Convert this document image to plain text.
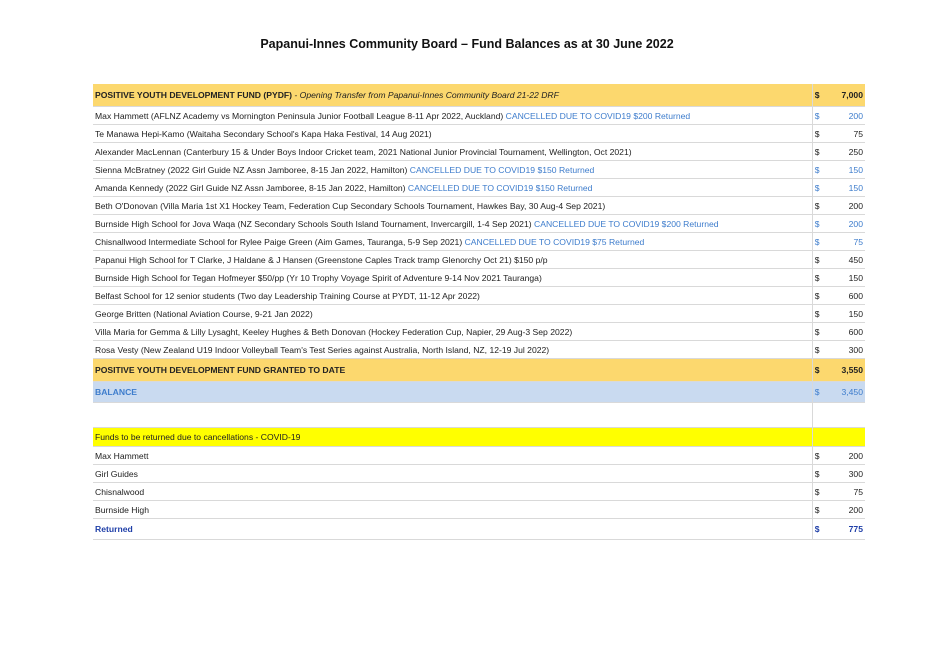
Papanui-Innes Community Board – Fund Balances as at 30 June 2022
POSITIVE YOUTH DEVELOPMENT FUND (PYDF) - Opening Transfer from Papanui-Innes Community Board 21-22 DRF	$	7,000
Max Hammett (AFLNZ Academy vs Mornington Peninsula Junior Football League 8-11 Apr 2022, Auckland) CANCELLED DUE TO COVID19 $200 Returned	$	200
Te Manawa Hepi-Kamo (Waitaha Secondary School's Kapa Haka Festival, 14 Aug 2021)	$	75
Alexander MacLennan (Canterbury 15 & Under Boys Indoor Cricket team, 2021 National Junior Provincial Tournament, Wellington, Oct 2021)	$	250
Sienna McBratney (2022 Girl Guide NZ Assn Jamboree, 8-15 Jan 2022, Hamilton) CANCELLED DUE TO COVID19 $150 Returned	$	150
Amanda Kennedy (2022 Girl Guide NZ Assn Jamboree, 8-15 Jan 2022, Hamilton) CANCELLED DUE TO COVID19 $150 Returned	$	150
Beth O'Donovan (Villa Maria 1st X1 Hockey Team, Federation Cup Secondary Schools Tournament, Hawkes Bay, 30 Aug-4 Sep 2021)	$	200
Burnside High School for Jova Waqa (NZ Secondary Schools South Island Tournament, Invercargill, 1-4 Sep 2021) CANCELLED DUE TO COVID19 $200 Returned	$	200
Chisnallwood Intermediate School for Rylee Paige Green (Aim Games, Tauranga, 5-9 Sep 2021) CANCELLED DUE TO COVID19 $75 Returned	$	75
Papanui High School for T Clarke, J Haldane & J Hansen (Greenstone Caples Track tramp Glenorchy Oct 21) $150 p/p	$	450
Burnside High School for Tegan Hofmeyer $50/pp (Yr 10 Trophy Voyage Spirit of Adventure 9-14 Nov 2021 Tauranga)	$	150
Belfast School for 12 senior students (Two day Leadership Training Course at PYDT, 11-12 Apr 2022)	$	600
George Britten (National Aviation Course, 9-21 Jan 2022)	$	150
Villa Maria for Gemma & Lilly Lysaght, Keeley Hughes & Beth Donovan (Hockey Federation Cup, Napier, 29 Aug-3 Sep 2022)	$	600
Rosa Vesty (New Zealand U19 Indoor Volleyball Team's Test Series against Australia, North Island, NZ, 12-19 Jul 2022)	$	300
POSITIVE YOUTH DEVELOPMENT FUND GRANTED TO DATE	$	3,550
BALANCE	$	3,450

Funds to be returned due to cancellations - COVID-19		
Max Hammett	$	200
Girl Guides	$	300
Chisnalwood	$	75
Burnside High	$	200
Returned	$	775
